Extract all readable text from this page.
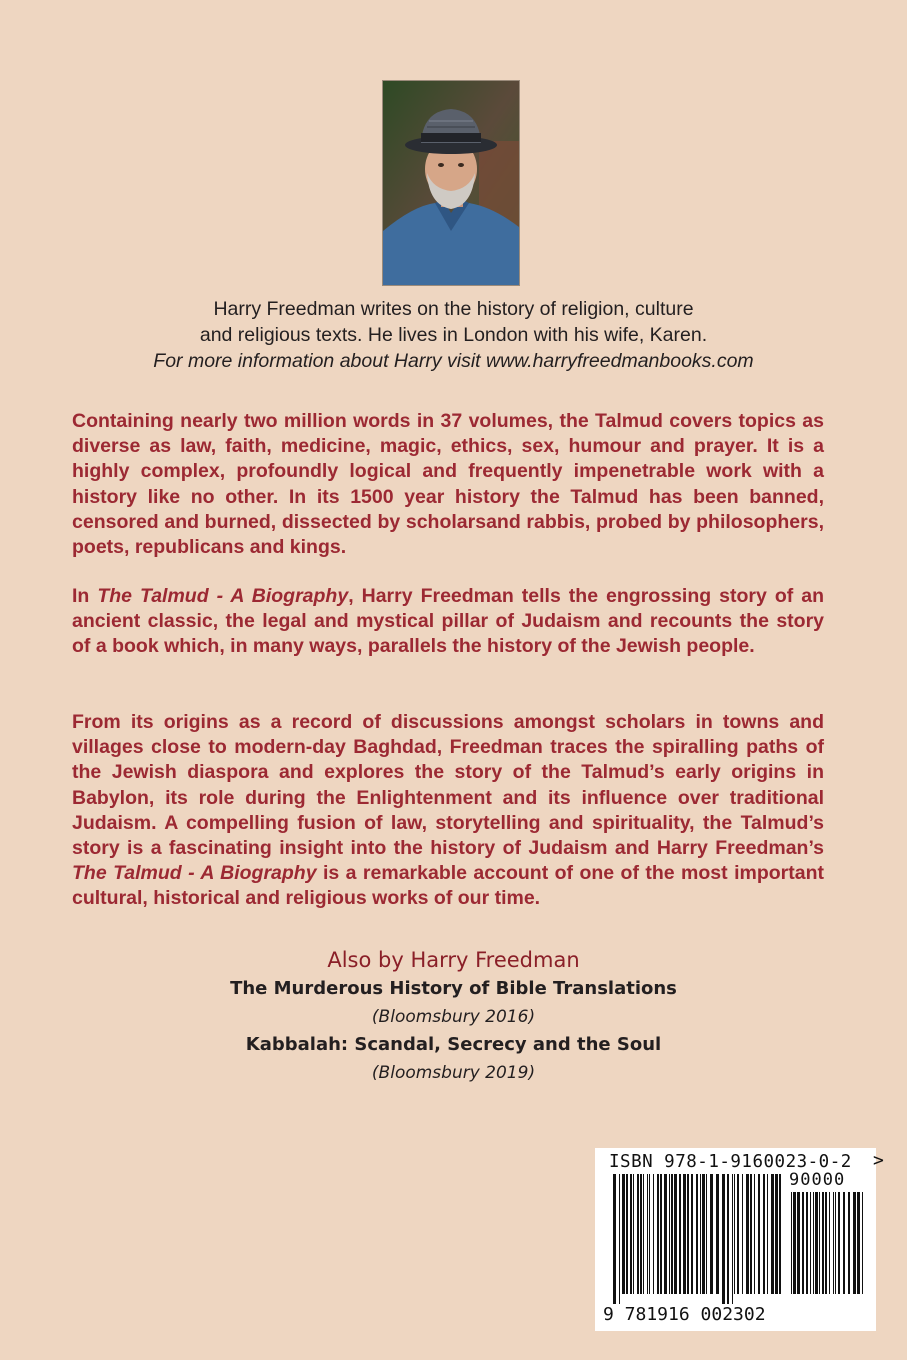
Harry Freedman writes on the history of religion, culture
and religious texts. He lives in London with his wife, Karen.
For more information about Harry visit www.harryfreedmanbooks.com

Containing nearly two million words in 37 volumes, the Talmud covers topics as diverse as law, faith, medicine, magic, ethics, sex, humour and prayer. It is a highly complex, profoundly logical and frequently impenetrable work with a history like no other. In its 1500 year history the Talmud has been banned, censored and burned, dissected by scholarsand rabbis, probed by philosophers, poets, republicans and kings.

In The Talmud - A Biography, Harry Freedman tells the engrossing story of an ancient classic, the legal and mystical pillar of Judaism and recounts the story of a book which, in many ways, parallels the history of the Jewish people.

From its origins as a record of discussions amongst scholars in towns and villages close to modern-day Baghdad, Freedman traces the spiralling paths of the Jewish diaspora and explores the story of the Talmud’s early origins in Babylon, its role during the Enlightenment and its influence over traditional Judaism. A compelling fusion of law, storytelling and spirituality, the Talmud’s story is a fascinating insight into the history of Judaism and Harry Freedman’s The Talmud - A Biography is a remarkable account of one of the most important cultural, historical and religious works of our time.

Also by Harry Freedman
The Murderous History of Bible Translations
(Bloomsbury 2016)
Kabbalah: Scandal, Secrecy and the Soul
(Bloomsbury 2019)
ISBN 978-1-9160023-0-2
90000
9 781916 002302
>
